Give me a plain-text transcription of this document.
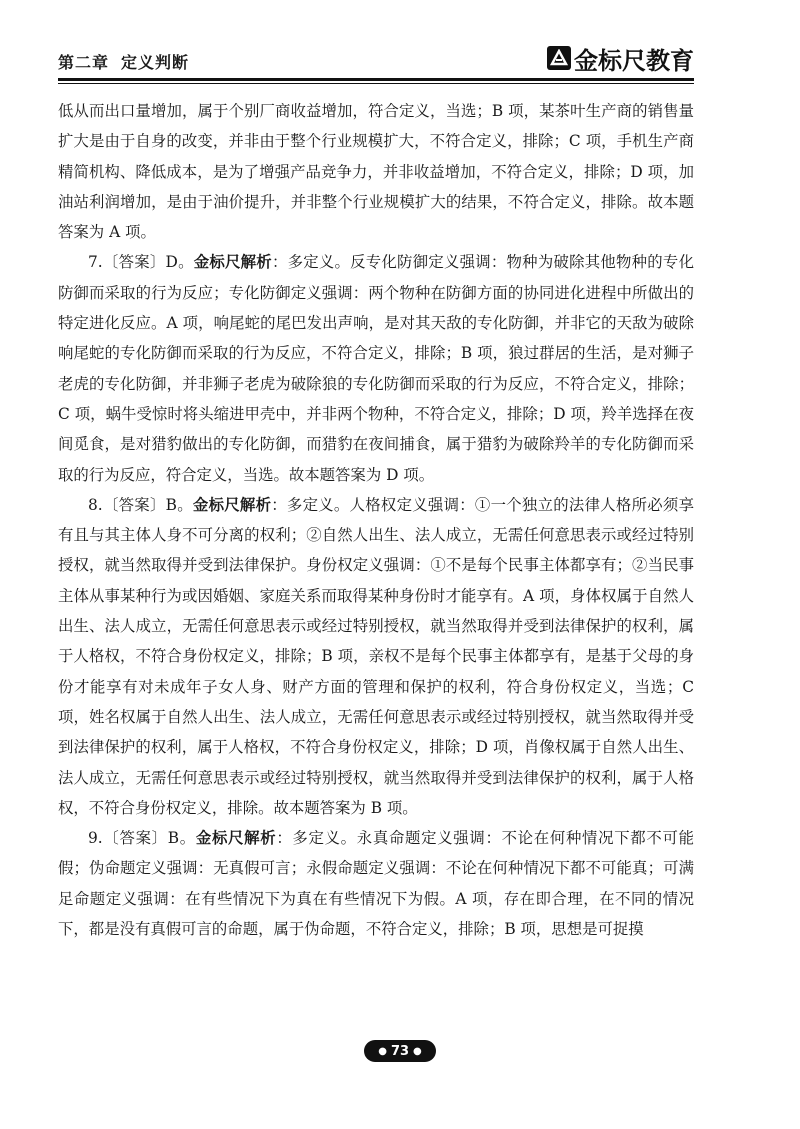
第二章 定义判断	金标尺教育

低从而出口量增加，属于个别厂商收益增加，符合定义，当选；B 项，某茶叶生产商的销售量扩大是由于自身的改变，并非由于整个行业规模扩大，不符合定义，排除；C 项，手机生产商精简机构、降低成本，是为了增强产品竞争力，并非收益增加，不符合定义，排除；D 项，加油站利润增加，是由于油价提升，并非整个行业规模扩大的结果，不符合定义，排除。故本题答案为 A 项。

7.〔答案〕D。金标尺解析：多定义。反专化防御定义强调：物种为破除其他物种的专化防御而采取的行为反应；专化防御定义强调：两个物种在防御方面的协同进化进程中所做出的特定进化反应。A 项，响尾蛇的尾巴发出声响，是对其天敌的专化防御，并非它的天敌为破除响尾蛇的专化防御而采取的行为反应，不符合定义，排除；B 项，狼过群居的生活，是对狮子老虎的专化防御，并非狮子老虎为破除狼的专化防御而采取的行为反应，不符合定义，排除；C 项，蜗牛受惊时将头缩进甲壳中，并非两个物种，不符合定义，排除；D 项，羚羊选择在夜间觅食，是对猎豹做出的专化防御，而猎豹在夜间捕食，属于猎豹为破除羚羊的专化防御而采取的行为反应，符合定义，当选。故本题答案为 D 项。

8.〔答案〕B。金标尺解析：多定义。人格权定义强调：①一个独立的法律人格所必须享有且与其主体人身不可分离的权利；②自然人出生、法人成立，无需任何意思表示或经过特别授权，就当然取得并受到法律保护。身份权定义强调：①不是每个民事主体都享有；②当民事主体从事某种行为或因婚姻、家庭关系而取得某种身份时才能享有。A 项，身体权属于自然人出生、法人成立，无需任何意思表示或经过特别授权，就当然取得并受到法律保护的权利，属于人格权，不符合身份权定义，排除；B 项，亲权不是每个民事主体都享有，是基于父母的身份才能享有对未成年子女人身、财产方面的管理和保护的权利，符合身份权定义，当选；C 项，姓名权属于自然人出生、法人成立，无需任何意思表示或经过特别授权，就当然取得并受到法律保护的权利，属于人格权，不符合身份权定义，排除；D 项，肖像权属于自然人出生、法人成立，无需任何意思表示或经过特别授权，就当然取得并受到法律保护的权利，属于人格权，不符合身份权定义，排除。故本题答案为 B 项。

9.〔答案〕B。金标尺解析：多定义。永真命题定义强调：不论在何种情况下都不可能假；伪命题定义强调：无真假可言；永假命题定义强调：不论在何种情况下都不可能真；可满足命题定义强调：在有些情况下为真在有些情况下为假。A 项，存在即合理，在不同的情况下，都是没有真假可言的命题，属于伪命题，不符合定义，排除；B 项，思想是可捉摸

● 73 ●
